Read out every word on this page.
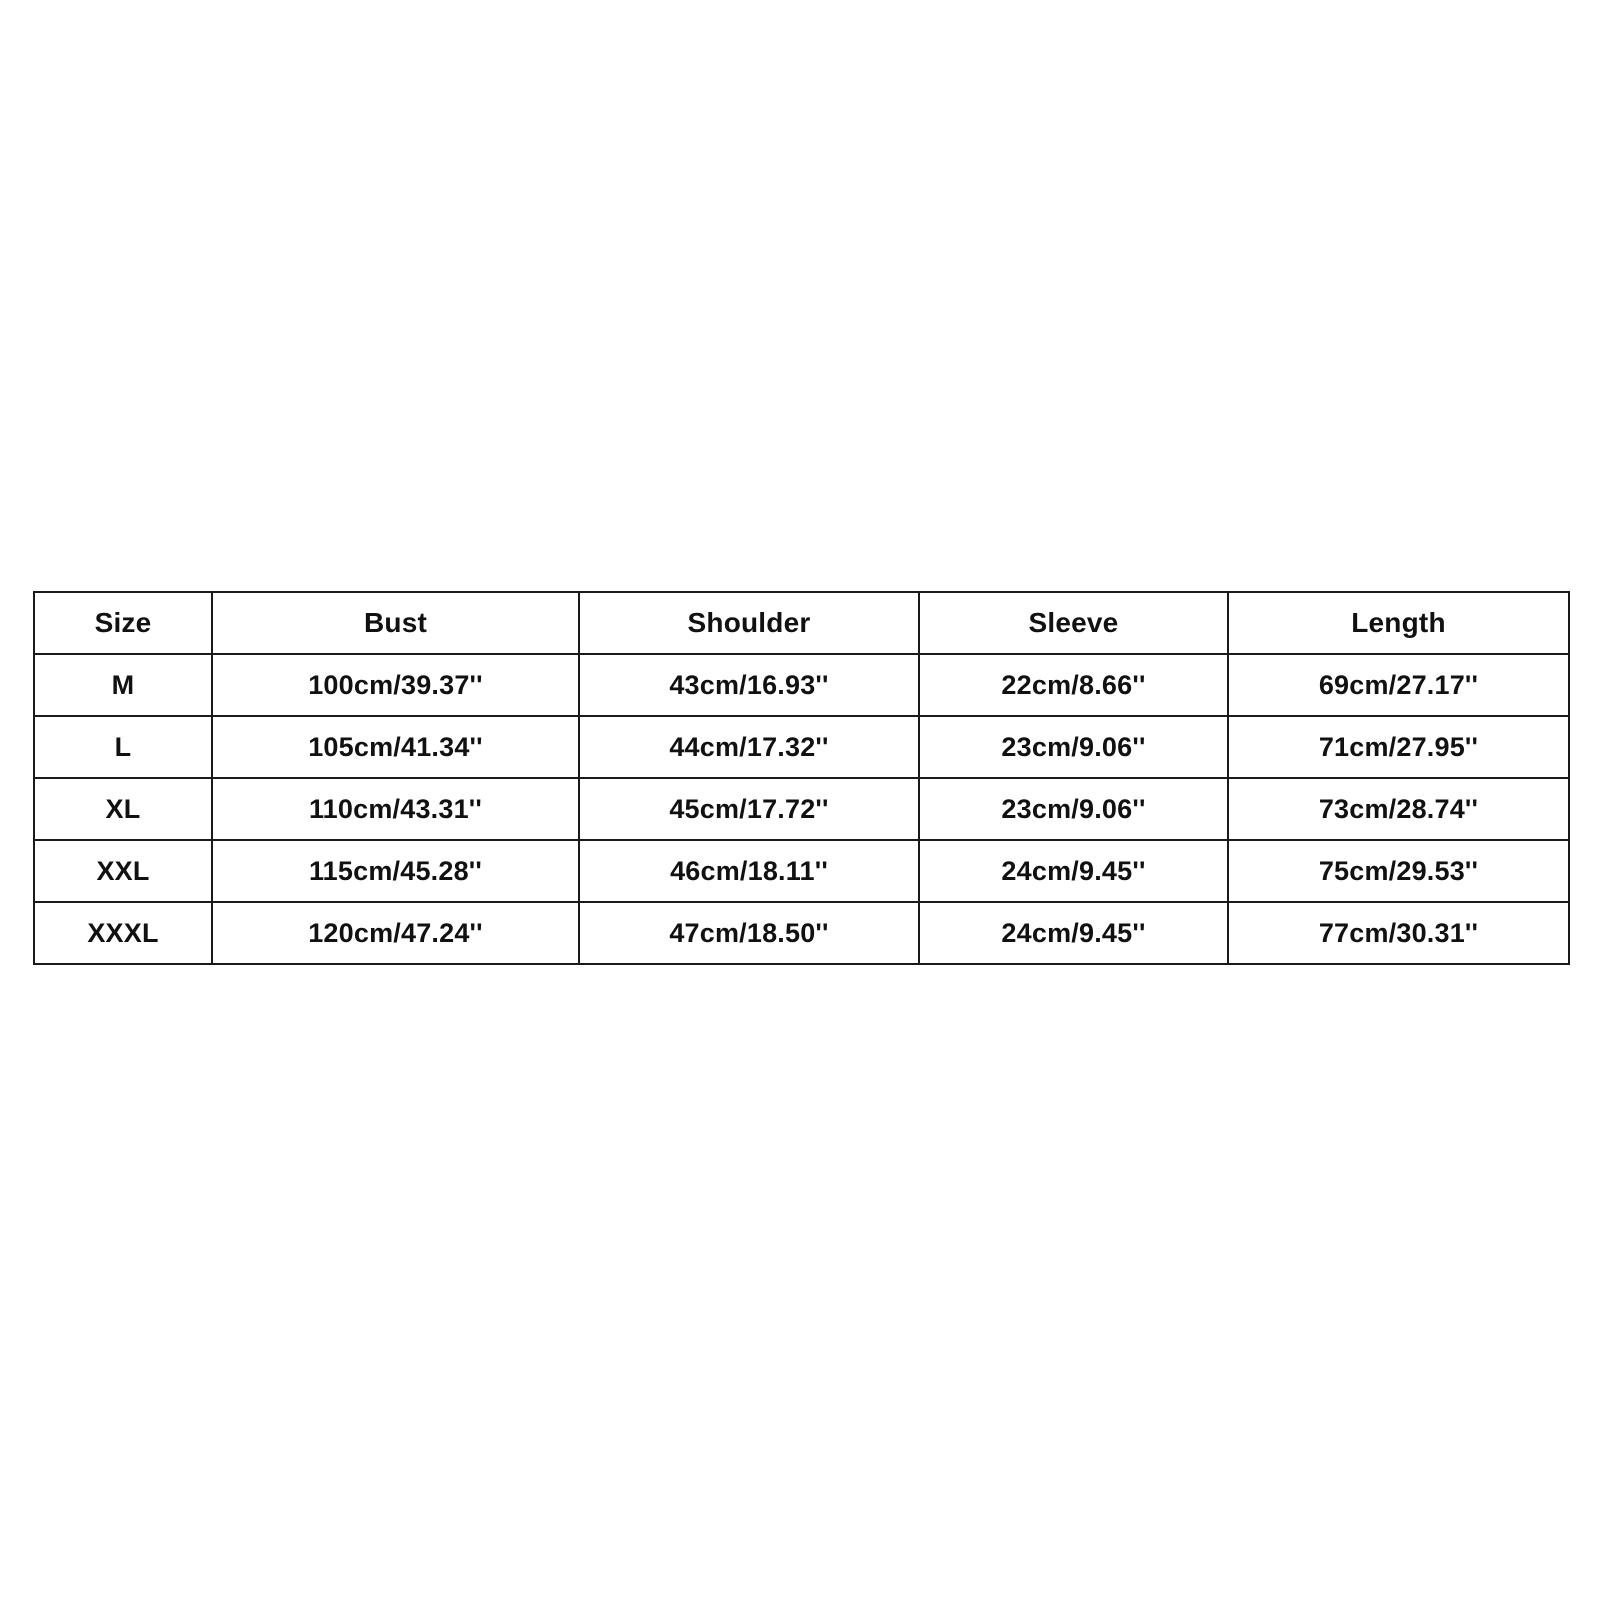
Size	Bust	Shoulder	Sleeve	Length
M	100cm/39.37''	43cm/16.93''	22cm/8.66''	69cm/27.17''
L	105cm/41.34''	44cm/17.32''	23cm/9.06''	71cm/27.95''
XL	110cm/43.31''	45cm/17.72''	23cm/9.06''	73cm/28.74''
XXL	115cm/45.28''	46cm/18.11''	24cm/9.45''	75cm/29.53''
XXXL	120cm/47.24''	47cm/18.50''	24cm/9.45''	77cm/30.31''
